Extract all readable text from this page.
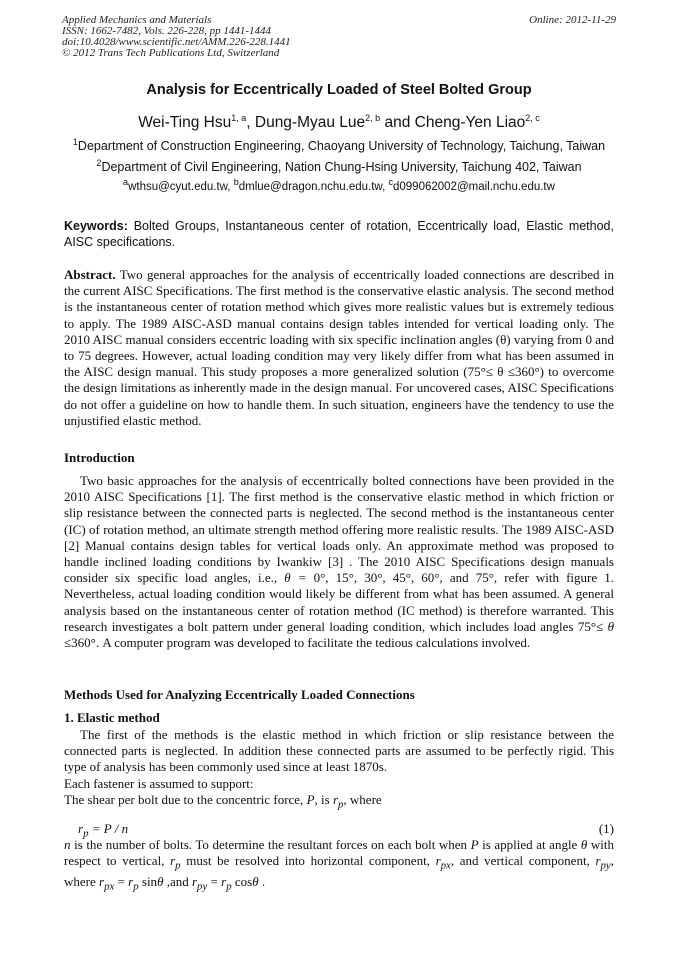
Applied Mechanics and Materials
ISSN: 1662-7482, Vols. 226-228, pp 1441-1444
doi:10.4028/www.scientific.net/AMM.226-228.1441
© 2012 Trans Tech Publications Ltd, Switzerland
Online: 2012-11-29
Analysis for Eccentrically Loaded of Steel Bolted Group
Wei-Ting Hsu$^{1, a}$, Dung-Myau Lue$^{2, b}$ and Cheng-Yen Liao$^{2, c}$
$^1$Department of Construction Engineering, Chaoyang University of Technology, Taichung, Taiwan
$^2$Department of Civil Engineering, Nation Chung-Hsing University, Taichung 402, Taiwan
$^a$wthsu@cyut.edu.tw, $^b$dmlue@dragon.nchu.edu.tw, $^c$d099062002@mail.nchu.edu.tw
Keywords: Bolted Groups, Instantaneous center of rotation, Eccentrically load, Elastic method, AISC specifications.
Abstract. Two general approaches for the analysis of eccentrically loaded connections are described in the current AISC Specifications. The first method is the conservative elastic analysis. The second method is the instantaneous center of rotation method which gives more realistic values but is extremely tedious to apply. The 1989 AISC-ASD manual contains design tables intended for vertical loading only. The 2010 AISC manual considers eccentric loading with six specific inclination angles (θ) varying from 0 and to 75 degrees. However, actual loading condition may very likely differ from what has been assumed in the AISC design manual. This study proposes a more generalized solution (75°≤ θ ≤360°) to overcome the design limitations as inherently made in the design manual. For uncovered cases, AISC Specifications do not offer a guideline on how to handle them. In such situation, engineers have the tendency to use the unjustified elastic method.
Introduction
Two basic approaches for the analysis of eccentrically bolted connections have been provided in the 2010 AISC Specifications [1]. The first method is the conservative elastic method in which friction or slip resistance between the connected parts is neglected. The second method is the instantaneous center (IC) of rotation method, an ultimate strength method offering more realistic results. The 1989 AISC-ASD [2] Manual contains design tables for vertical loads only. An approximate method was proposed to handle inclined loading conditions by Iwankiw [3] . The 2010 AISC Specifications design manuals consider six specific load angles, i.e., θ = 0°, 15°, 30°, 45°, 60°, and 75°, refer with figure 1. Nevertheless, actual loading condition would likely be different from what has been assumed. A general analysis based on the instantaneous center of rotation method (IC method) is therefore warranted. This research investigates a bolt pattern under general loading condition, which includes load angles 75°≤ θ ≤360°. A computer program was developed to facilitate the tedious calculations involved.
Methods Used for Analyzing Eccentrically Loaded Connections
1. Elastic method
The first of the methods is the elastic method in which friction or slip resistance between the connected parts is neglected. In addition these connected parts are assumed to be perfectly rigid. This type of analysis has been commonly used since at least 1870s.
Each fastener is assumed to support:
The shear per bolt due to the concentric force, P, is $r_p$, where
$r_p = P / n$	(1)
n is the number of bolts. To determine the resultant forces on each bolt when P is applied at angle θ with respect to vertical, $r_p$ must be resolved into horizontal component, $r_{px}$, and vertical component, $r_{py}$, where $r_{px} = r_p$ sinθ ,and $r_{py} = r_p$ cosθ .
